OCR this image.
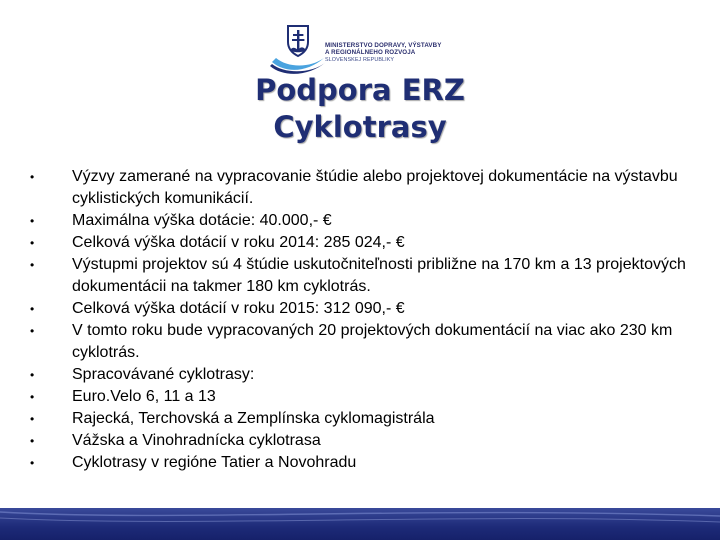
MINISTERSTVO DOPRAVY, VÝSTAVBY
A REGIONÁLNEHO ROZVOJA
SLOVENSKEJ REPUBLIKY
Podpora ERZ
Cyklotrasy
•	Výzvy zamerané na vypracovanie štúdie alebo projektovej dokumentácie na výstavbu cyklistických komunikácií.
•	Maximálna výška dotácie: 40.000,- €
•	Celková výška dotácií v roku 2014: 285 024,- €
•	Výstupmi projektov sú 4 štúdie uskutočniteľnosti približne na 170 km a 13 projektových dokumentácii na takmer 180 km cyklotrás.
•	Celková výška dotácií v roku 2015: 312 090,- €
•	V tomto roku bude vypracovaných 20 projektových dokumentácií na viac ako 230 km cyklotrás.
•	Spracovávané cyklotrasy:
•	Euro.Velo 6, 11 a 13
•	Rajecká, Terchovská a Zemplínska cyklomagistrála
•	Vážska a Vinohradnícka cyklotrasa
•	Cyklotrasy v regióne Tatier a Novohradu
